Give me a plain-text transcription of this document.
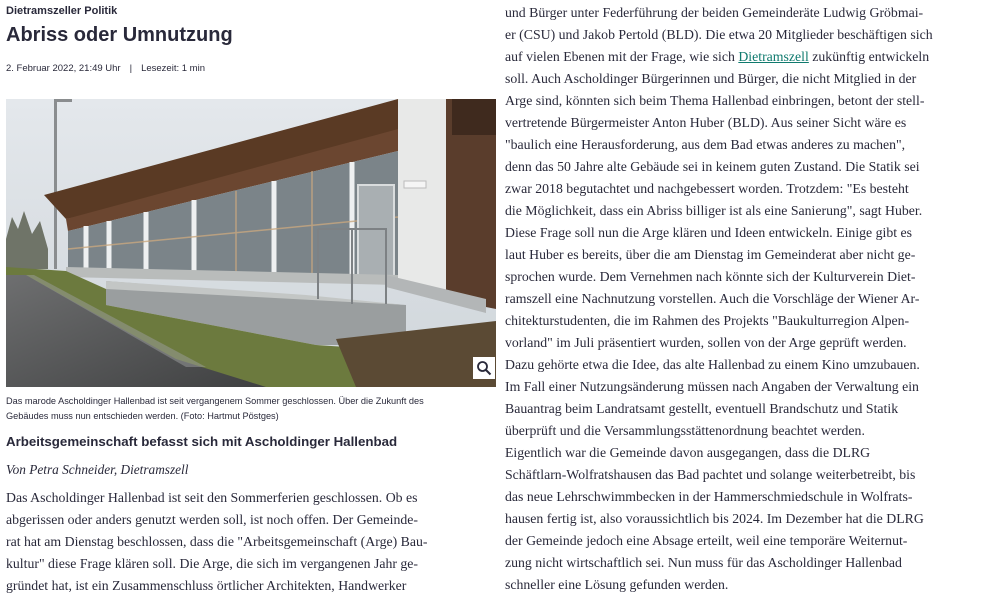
Dietramszeller Politik
Abriss oder Umnutzung
2. Februar 2022, 21:49 Uhr | Lesezeit: 1 min
Das marode Ascholdinger Hallenbad ist seit vergangenem Sommer geschlossen. Über die Zukunft des
Gebäudes muss nun entschieden werden. (Foto: Hartmut Pöstges)
Arbeitsgemeinschaft befasst sich mit Ascholdinger Hallenbad
Von Petra Schneider, Dietramszell
Das Ascholdinger Hallenbad ist seit den Sommerferien geschlossen. Ob es
abgerissen oder anders genutzt werden soll, ist noch offen. Der Gemeinde-
rat hat am Dienstag beschlossen, dass die "Arbeitsgemeinschaft (Arge) Bau-
kultur" diese Frage klären soll. Die Arge, die sich im vergangenen Jahr ge-
gründet hat, ist ein Zusammenschluss örtlicher Architekten, Handwerker
und Bürger unter Federführung der beiden Gemeinderäte Ludwig Gröbmai-
er (CSU) und Jakob Pertold (BLD). Die etwa 20 Mitglieder beschäftigen sich
auf vielen Ebenen mit der Frage, wie sich Dietramszell zukünftig entwickeln
soll. Auch Ascholdinger Bürgerinnen und Bürger, die nicht Mitglied in der
Arge sind, könnten sich beim Thema Hallenbad einbringen, betont der stell-
vertretende Bürgermeister Anton Huber (BLD). Aus seiner Sicht wäre es
"baulich eine Herausforderung, aus dem Bad etwas anderes zu machen",
denn das 50 Jahre alte Gebäude sei in keinem guten Zustand. Die Statik sei
zwar 2018 begutachtet und nachgebessert worden. Trotzdem: "Es besteht
die Möglichkeit, dass ein Abriss billiger ist als eine Sanierung", sagt Huber.
Diese Frage soll nun die Arge klären und Ideen entwickeln. Einige gibt es
laut Huber es bereits, über die am Dienstag im Gemeinderat aber nicht ge-
sprochen wurde. Dem Vernehmen nach könnte sich der Kulturverein Diet-
ramszell eine Nachnutzung vorstellen. Auch die Vorschläge der Wiener Ar-
chitekturstudenten, die im Rahmen des Projekts "Baukulturregion Alpen-
vorland" im Juli präsentiert wurden, sollen von der Arge geprüft werden.
Dazu gehörte etwa die Idee, das alte Hallenbad zu einem Kino umzubauen.
Im Fall einer Nutzungsänderung müssen nach Angaben der Verwaltung ein
Bauantrag beim Landratsamt gestellt, eventuell Brandschutz und Statik
überprüft und die Versammlungsstättenordnung beachtet werden.
Eigentlich war die Gemeinde davon ausgegangen, dass die DLRG
Schäftlarn-Wolfratshausen das Bad pachtet und solange weiterbetreibt, bis
das neue Lehrschwimmbecken in der Hammerschmiedschule in Wolfrats-
hausen fertig ist, also voraussichtlich bis 2024. Im Dezember hat die DLRG
der Gemeinde jedoch eine Absage erteilt, weil eine temporäre Weiternut-
zung nicht wirtschaftlich sei. Nun muss für das Ascholdinger Hallenbad
schneller eine Lösung gefunden werden.
